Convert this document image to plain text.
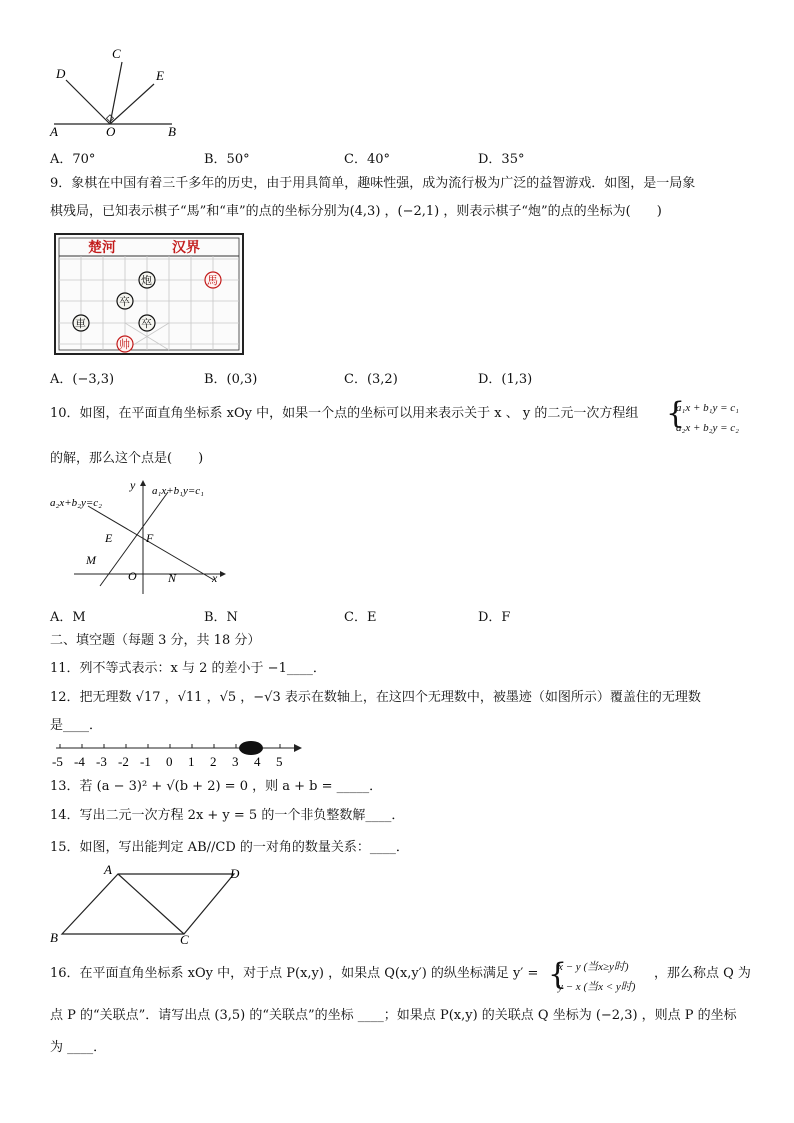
C
D	E
A	O	B
A．70°	B．50°	C．40°	D．35°
9．象棋在中国有着三千多年的历史，由于用具简单，趣味性强，成为流行极为广泛的益智游戏．如图，是一局象
棋残局，已知表示棋子“馬”和“車”的点的坐标分别为(4,3) ，(−2,1) ，则表示棋子“炮”的点的坐标为(　　)
楚河	汉界
炮	馬
卒
車	卒
帅
A．(−3,3)	B．(0,3)	C．(3,2)	D．(1,3)
10．如图，在平面直角坐标系 xOy 中，如果一个点的坐标可以用来表示关于 x 、 y 的二元一次方程组 {
a₁x + b₁y = c₁
a₂x + b₂y = c₂
的解，那么这个点是(　　)
y a₁x+b₁y=c₁
a₂x+b₂y=c₂
E	F
M
O	N	x
A．M	B．N	C．E	D．F
二、填空题（每题 3 分，共 18 分）
11．列不等式表示：x 与 2 的差小于 −1____．
12．把无理数 √17 ，√11 ，√5 ，−√3 表示在数轴上，在这四个无理数中，被墨迹（如图所示）覆盖住的无理数
是____．
-5 -4 -3 -2 -1 0 1 2 3 4 5
13．若 (a − 3)² + √(b + 2) = 0 ，则 a + b = _____．
14．写出二元一次方程 2x + y = 5 的一个非负整数解____．
15．如图，写出能判定 AB//CD 的一对角的数量关系：____．
A	D
B	C
16．在平面直角坐标系 xOy 中，对于点 P(x,y) ，如果点 Q(x,y′) 的纵坐标满足 y′ = {
x − y (当x≥y时)
y − x (当x < y时)
，那么称点 Q 为
点 P 的“关联点”．请写出点 (3,5) 的“关联点”的坐标 ____；如果点 P(x,y) 的关联点 Q 坐标为 (−2,3) ，则点 P 的坐标
为 ____．
